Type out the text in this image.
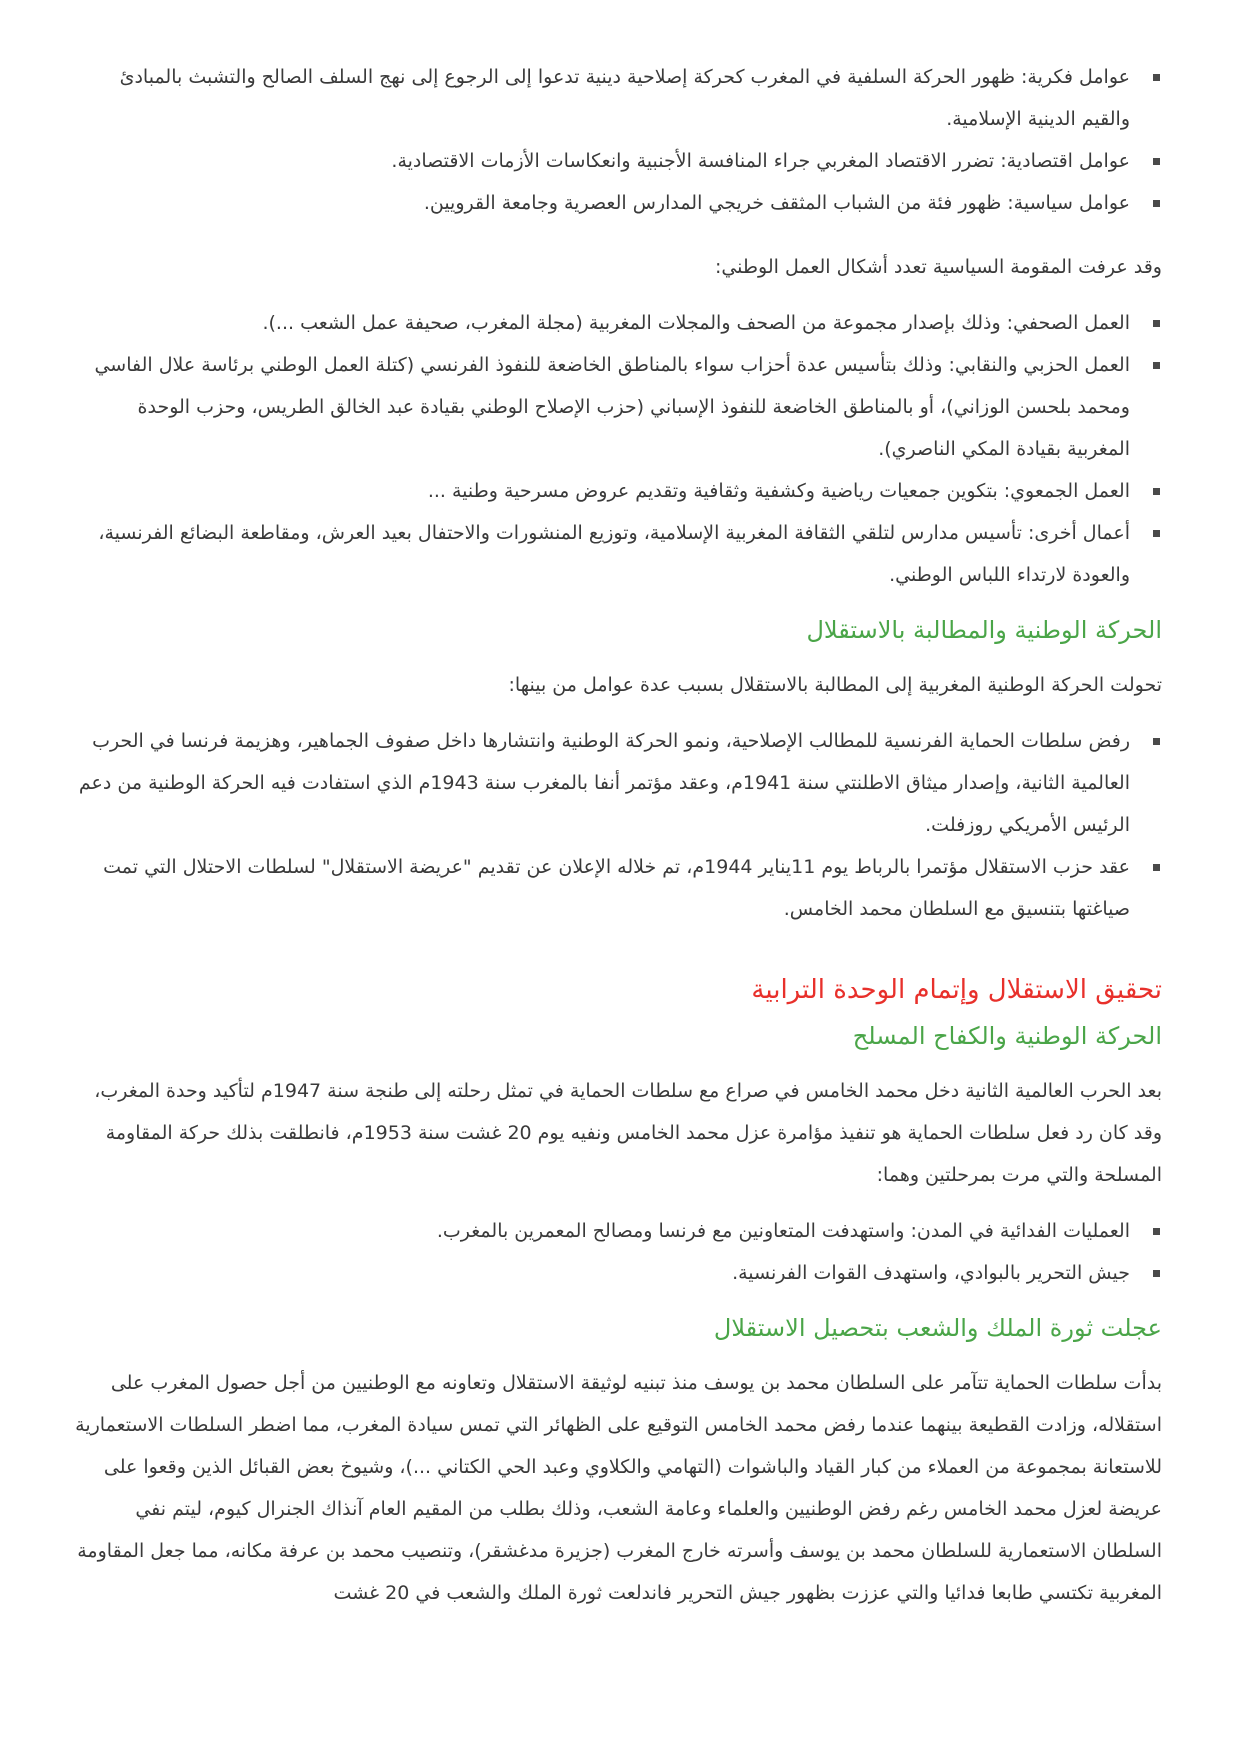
عوامل فكرية: ظهور الحركة السلفية في المغرب كحركة إصلاحية دينية تدعوا إلى الرجوع إلى نهج السلف الصالح والتشبث بالمبادئ والقيم الدينية الإسلامية.
عوامل اقتصادية: تضرر الاقتصاد المغربي جراء المنافسة الأجنبية وانعكاسات الأزمات الاقتصادية.
عوامل سياسية: ظهور فئة من الشباب المثقف خريجي المدارس العصرية وجامعة القرويين.

وقد عرفت المقومة السياسية تعدد أشكال العمل الوطني:

العمل الصحفي: وذلك بإصدار مجموعة من الصحف والمجلات المغربية (مجلة المغرب، صحيفة عمل الشعب ...).
العمل الحزبي والنقابي: وذلك بتأسيس عدة أحزاب سواء بالمناطق الخاضعة للنفوذ الفرنسي (كتلة العمل الوطني برئاسة علال الفاسي ومحمد بلحسن الوزاني)، أو بالمناطق الخاضعة للنفوذ الإسباني (حزب الإصلاح الوطني بقيادة عبد الخالق الطريس، وحزب الوحدة المغربية بقيادة المكي الناصري).
العمل الجمعوي: بتكوين جمعيات رياضية وكشفية وثقافية وتقديم عروض مسرحية وطنية ...
أعمال أخرى: تأسيس مدارس لتلقي الثقافة المغربية الإسلامية، وتوزيع المنشورات والاحتفال بعيد العرش، ومقاطعة البضائع الفرنسية، والعودة لارتداء اللباس الوطني.
الحركة الوطنية والمطالبة بالاستقلال

تحولت الحركة الوطنية المغربية إلى المطالبة بالاستقلال بسبب عدة عوامل من بينها:

رفض سلطات الحماية الفرنسية للمطالب الإصلاحية، ونمو الحركة الوطنية وانتشارها داخل صفوف الجماهير، وهزيمة فرنسا في الحرب العالمية الثانية، وإصدار ميثاق الاطلنتي سنة 1941م، وعقد مؤتمر أنفا بالمغرب سنة 1943م الذي استفادت فيه الحركة الوطنية من دعم الرئيس الأمريكي روزفلت.
عقد حزب الاستقلال مؤتمرا بالرباط يوم 11يناير 1944م، تم خلاله الإعلان عن تقديم "عريضة الاستقلال" لسلطات الاحتلال التي تمت صياغتها بتنسيق مع السلطان محمد الخامس.
تحقيق الاستقلال وإتمام الوحدة الترابية
الحركة الوطنية والكفاح المسلح

بعد الحرب العالمية الثانية دخل محمد الخامس في صراع مع سلطات الحماية في تمثل رحلته إلى طنجة سنة 1947م لتأكيد وحدة المغرب، وقد كان رد فعل سلطات الحماية هو تنفيذ مؤامرة عزل محمد الخامس ونفيه يوم 20 غشت سنة 1953م، فانطلقت بذلك حركة المقاومة المسلحة والتي مرت بمرحلتين وهما:

العمليات الفدائية في المدن: واستهدفت المتعاونين مع فرنسا ومصالح المعمرين بالمغرب.
جيش التحرير بالبوادي، واستهدف القوات الفرنسية.
عجلت ثورة الملك والشعب بتحصيل الاستقلال

بدأت سلطات الحماية تتآمر على السلطان محمد بن يوسف منذ تبنيه لوثيقة الاستقلال وتعاونه مع الوطنيين من أجل حصول المغرب على استقلاله، وزادت القطيعة بينهما عندما رفض محمد الخامس التوقيع على الظهائر التي تمس سيادة المغرب، مما اضطر السلطات الاستعمارية للاستعانة بمجموعة من العملاء من كبار القياد والباشوات (التهامي والكلاوي وعبد الحي الكتاني ...)، وشيوخ بعض القبائل الذين وقعوا على عريضة لعزل محمد الخامس رغم رفض الوطنيين والعلماء وعامة الشعب، وذلك بطلب من المقيم العام آنذاك الجنرال كيوم، ليتم نفي السلطان الاستعمارية للسلطان محمد بن يوسف وأسرته خارج المغرب (جزيرة مدغشقر)، وتنصيب محمد بن عرفة مكانه، مما جعل المقاومة المغربية تكتسي طابعا فدائيا والتي عززت بظهور جيش التحرير فاندلعت ثورة الملك والشعب في 20 غشت
